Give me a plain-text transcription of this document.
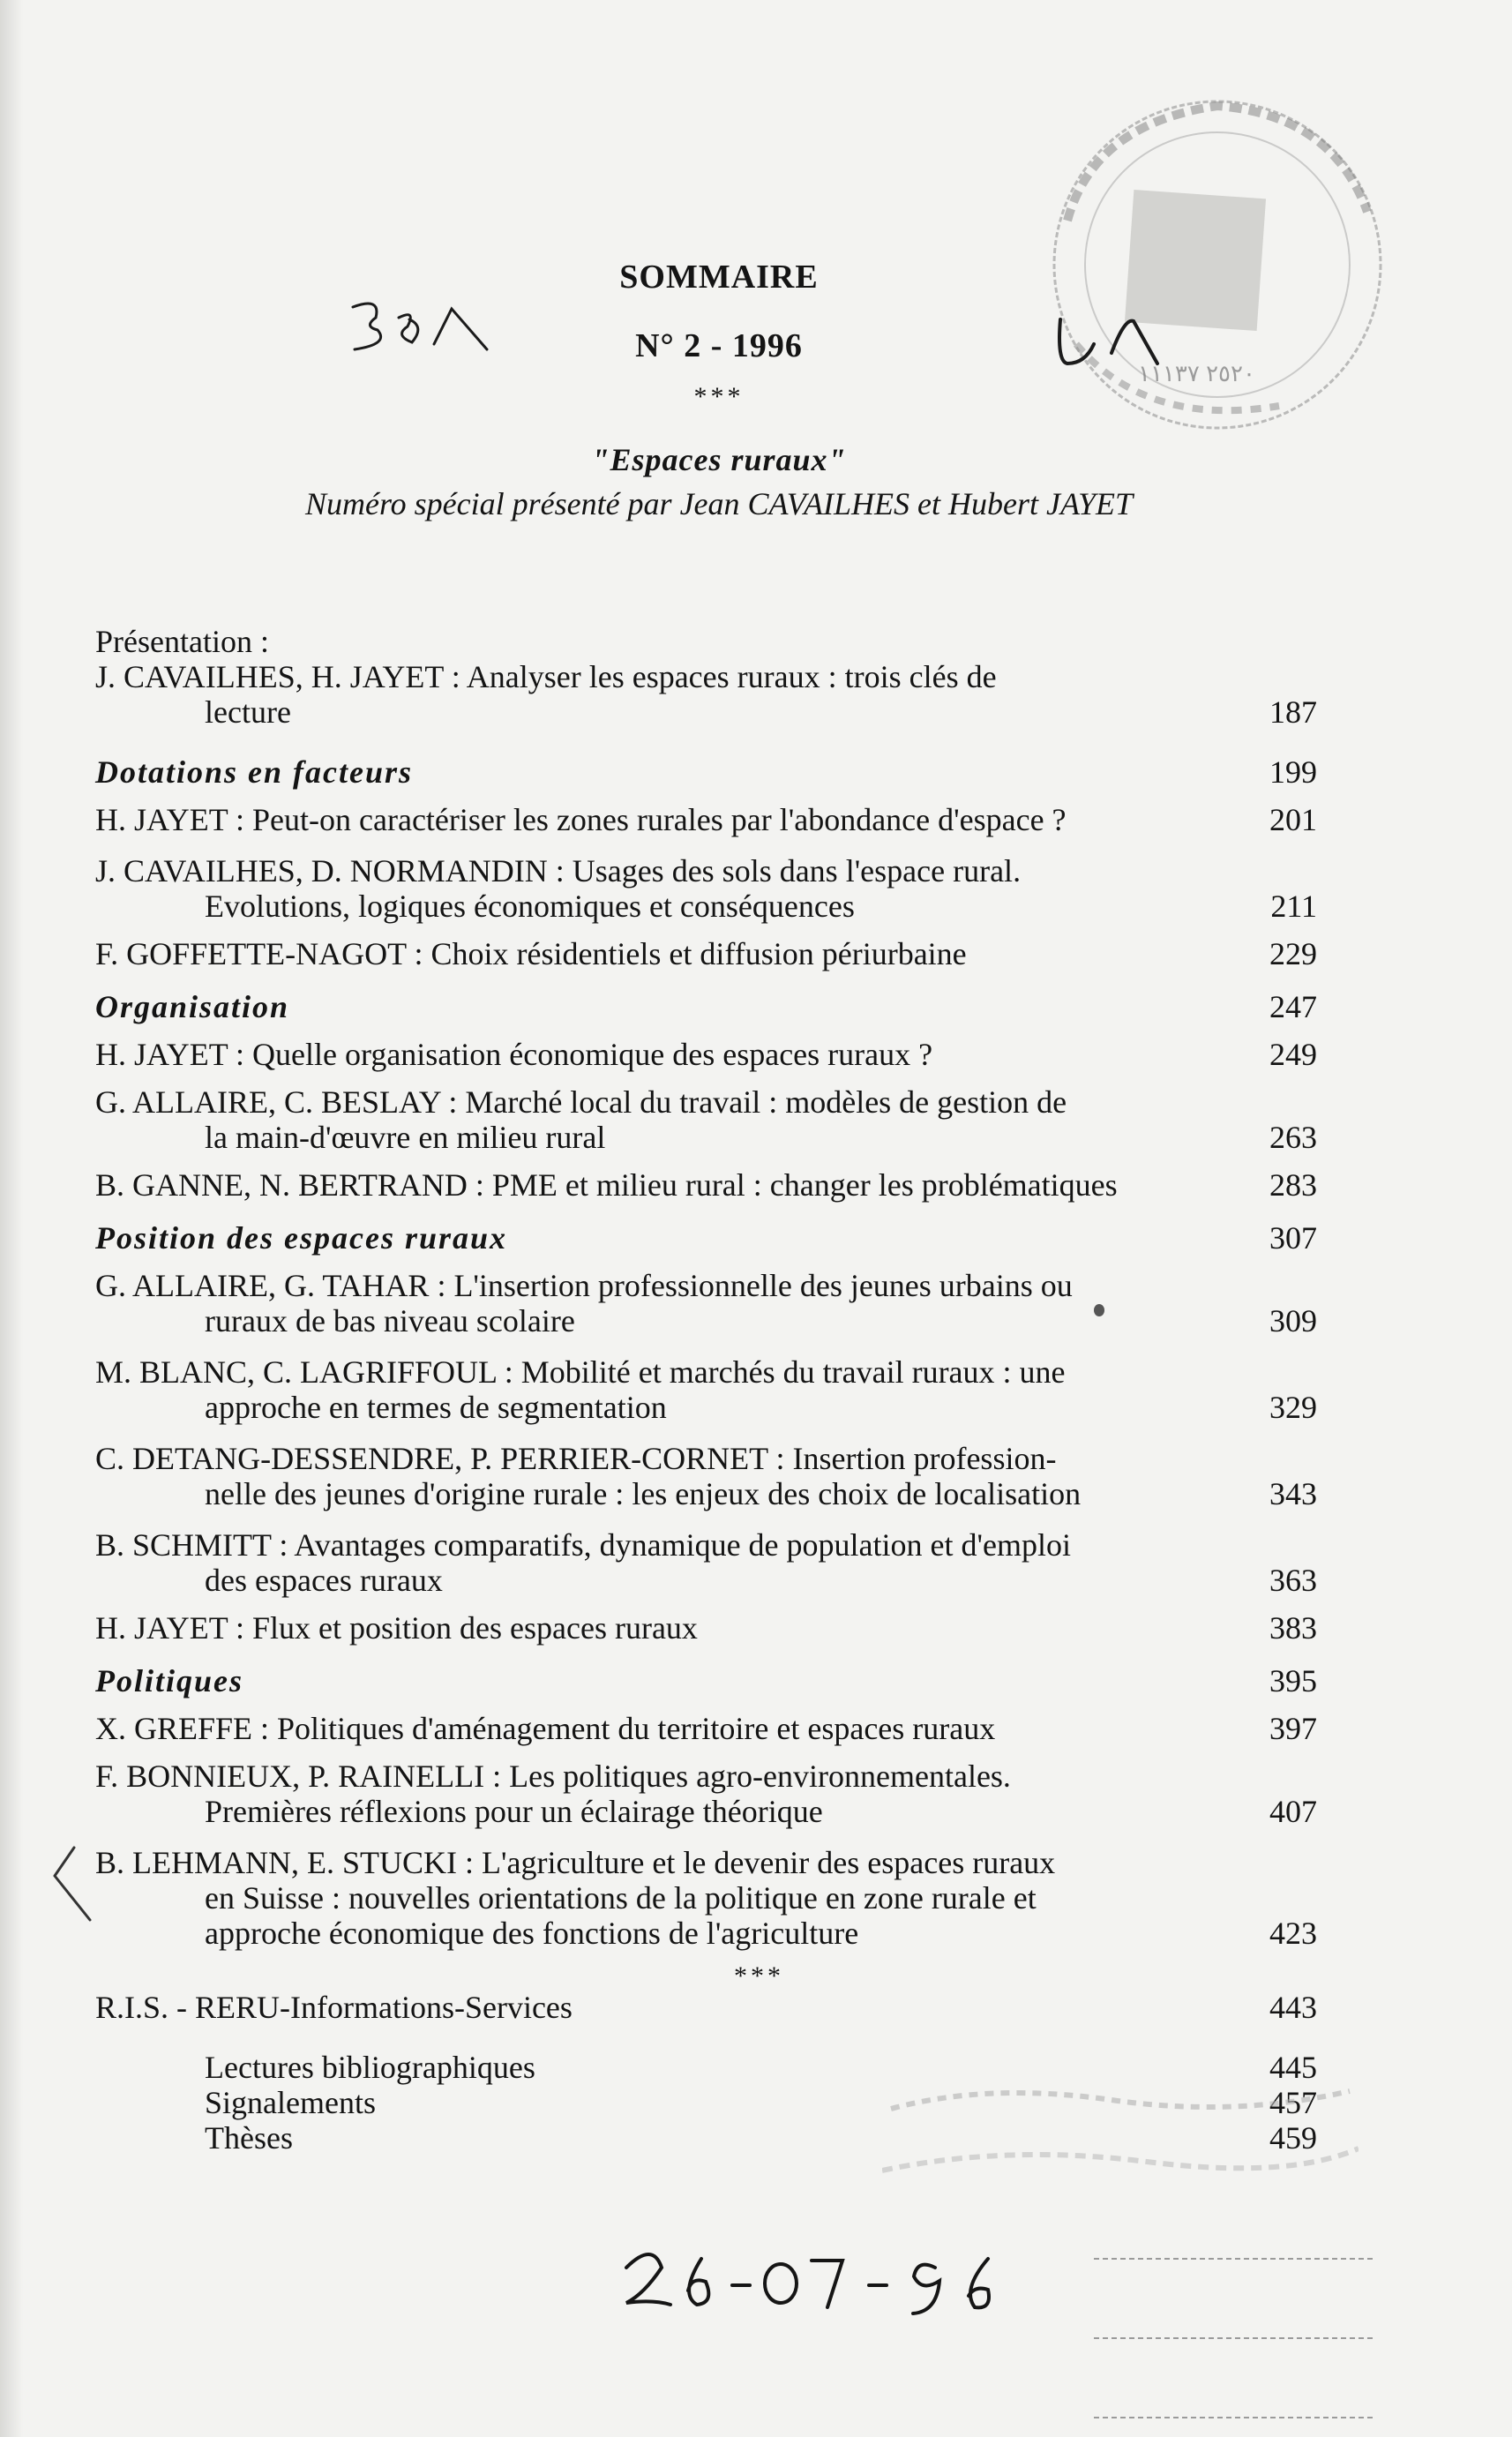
٢٥٢٠ ١١١٣٧
SOMMAIRE
N° 2 - 1996
***
"Espaces ruraux"
Numéro spécial présenté par Jean CAVAILHES et Hubert JAYET
Présentation :
J. CAVAILHES, H. JAYET : Analyser les espaces ruraux : trois clés de
lecture	187
Dotations en facteurs	199
H. JAYET : Peut-on caractériser les zones rurales par l'abondance d'espace ?	201
J. CAVAILHES, D. NORMANDIN : Usages des sols dans l'espace rural.
Evolutions, logiques économiques et conséquences	211
F. GOFFETTE-NAGOT : Choix résidentiels et diffusion périurbaine	229
Organisation	247
H. JAYET : Quelle organisation économique des espaces ruraux ?	249
G. ALLAIRE, C. BESLAY : Marché local du travail : modèles de gestion de
la main-d'œuvre en milieu rural	263
B. GANNE, N. BERTRAND : PME et milieu rural : changer les problématiques	283
Position des espaces ruraux	307
G. ALLAIRE, G. TAHAR : L'insertion professionnelle des jeunes urbains ou
ruraux de bas niveau scolaire	309
M. BLANC, C. LAGRIFFOUL : Mobilité et marchés du travail ruraux : une
approche en termes de segmentation	329
C. DETANG-DESSENDRE, P. PERRIER-CORNET : Insertion profession-
nelle des jeunes d'origine rurale : les enjeux des choix de localisation	343
B. SCHMITT : Avantages comparatifs, dynamique de population et d'emploi
des espaces ruraux	363
H. JAYET : Flux et position des espaces ruraux	383
Politiques	395
X. GREFFE : Politiques d'aménagement du territoire et espaces ruraux	397
F. BONNIEUX, P. RAINELLI : Les politiques agro-environnementales.
Premières réflexions pour un éclairage théorique	407
B. LEHMANN, E. STUCKI : L'agriculture et le devenir des espaces ruraux
en Suisse : nouvelles orientations de la politique en zone rurale et
approche économique des fonctions de l'agriculture	423
***
R.I.S. - RERU-Informations-Services	443
Lectures bibliographiques	445
Signalements	457
Thèses	459
